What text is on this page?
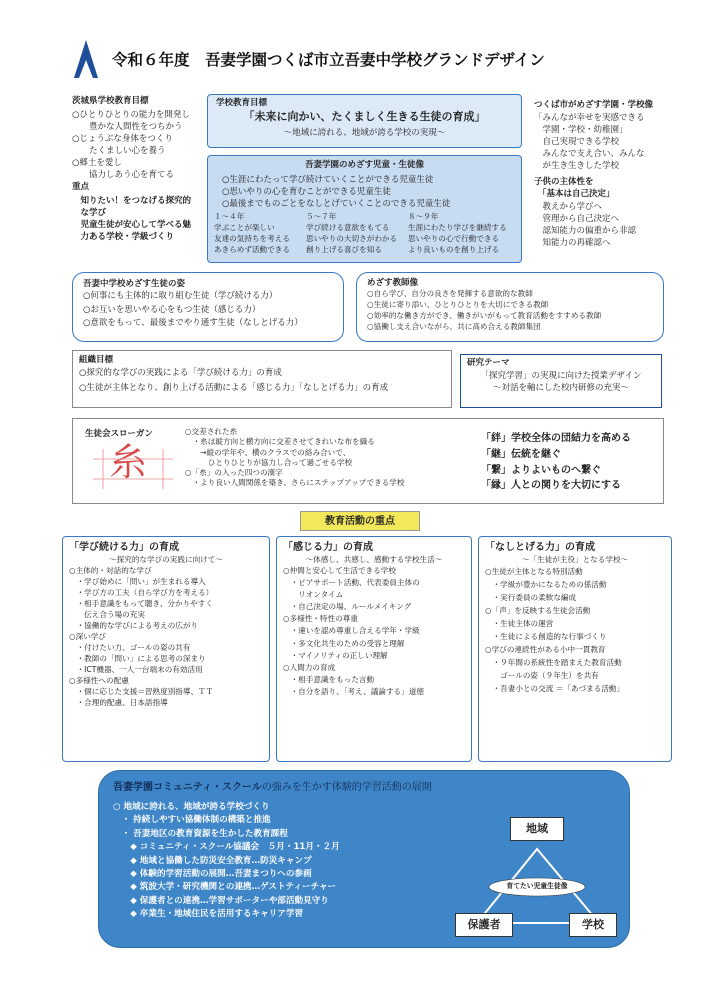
令和６年度　吾妻学園つくば市立吾妻中学校グランドデザイン
茨城県学校教育目標
○ひとりひとりの能力を開発し
　　豊かな人間性をつちかう
○じょうぶな身体をつくり
　　たくましい心を養う
○郷土を愛し
　　協力しあう心を育てる
重点
　知りたい！をつなげる探究的
　な学び
　児童生徒が安心して学べる魅
　力ある学校・学級づくり
学校教育目標
「未来に向かい、たくましく生きる生徒の育成」
〜地域に誇れる、地域が誇る学校の実現〜
吾妻学園のめざす児童・生徒像
○生涯にわたって学び続けていくことができる児童生徒
○思いやりの心を育むことができる児童生徒
○最後までものごとをなしとげていくことのできる児童生徒
１〜４年
学ぶことが楽しい
友達の気持ちを考える
あきらめず活動できる
５〜７年
学び続ける意欲をもてる
思いやりの大切さがわかる
創り上げる喜びを知る
８〜９年
生涯にわたり学びを継続する
思いやりの心で行動できる
より良いものを創り上げる
つくば市がめざす学園・学校像
「みんなが幸せを実感できる
　学園・学校・幼稚園」
　自己実現できる学校
　みんなで支え合い、みんな
　が生き生きした学校
子供の主体性を
「基本は自己決定」
　教えから学びへ
　管理から自己決定へ
　認知能力の偏重から非認
　知能力の再確認へ
吾妻中学校めざす生徒の姿
○何事にも主体的に取り組む生徒（学び続ける力）
○お互いを思いやる心をもつ生徒（感じる力）
○意欲をもって、最後までやり通す生徒（なしとげる力）
めざす教師像
○自ら学び、自分の良さを発揮する意欲的な教師
○生徒に寄り添い、ひとりひとりを大切にできる教師
○効率的な働き方ができ、働きがいがもって教育活動をすすめる教師
○協働し支え合いながら、共に高め合える教師集団
組織目標
○探究的な学びの実践による「学び続ける力」の育成
○生徒が主体となり、創り上げる活動による「感じる力」「なしとげる力」の育成
研究テーマ
「探究学習」の実現に向けた授業デザイン
〜対話を軸にした校内研修の充実〜
生徒会スローガン
糸
○交差された糸
　・糸は縦方向と横方向に交差させてきれいな布を織る
　　→縦の学年や、横のクラスでの絡み合いで、
　　　ひとりひとりが協力し合って過ごせる学校
○「糸」の入った四つの漢字
　・より良い人間関係を築き、さらにステップアップできる学校
「絆」学校全体の団結力を高める
「継」伝統を継ぐ
「繋」よりよいものへ繋ぐ
「縁」人との関りを大切にする
教育活動の重点
「学び続ける力」の育成
〜探究的な学びの実践に向けて〜
○主体的・対話的な学び
　・学び始めに「問い」が生まれる導入
　・学び方の工夫（自ら学び方を考える）
　・相手意識をもって聴き、分かりやすく
　　伝え合う場の充実
　・協働的な学びによる考えの広がり
○深い学び
　・付けたい力、ゴールの姿の共有
　・教師の「問い」による思考の深まり
　・ICT機器、一人一台端末の有効活用
○多様性への配慮
　・個に応じた支援＝習熟度別指導、ＴＴ
　・合理的配慮、日本語指導
「感じる力」の育成
〜体感し、共感し、感動する学校生活〜
○仲間と安心して生活できる学校
　・ピアサポート活動、代表委員主体の
　　リオンタイム
　・自己決定の場、ルールメイキング
○多様性・特性の尊重
　・違いを認め尊重し合える学年・学級
　・多文化共生のための受容と理解
　・マイノリティの正しい理解
○人間力の育成
　・相手意識をもった言動
　・自分を語り、「考え、議論する」道徳
「なしとげる力」の育成
〜「生徒が主役」となる学校〜
○生徒が主体となる特別活動
　・学級が豊かになるための係活動
　・実行委員の柔軟な編成
○「声」を反映する生徒会活動
　・生徒主体の運営
　・生徒による創造的な行事づくり
○学びの連続性がある小中一貫教育
　・９年間の系統性を踏まえた教育活動
　　ゴールの姿（９年生）を共有
　・吾妻小との交流 ＝「あづまる活動」
吾妻学園コミュニティ・スクールの強みを生かす体験的学習活動の展開
○ 地域に誇れる、地域が誇る学校づくり
　・ 持続しやすい協働体制の構築と推進
　・ 吾妻地区の教育資源を生かした教育課程
　　◆ コミュニティ・スクール協議会　５月・11月・２月
　　◆ 地域と協働した防災安全教育…防災キャンプ
　　◆ 体験的学習活動の展開…吾妻まつりへの参画
　　◆ 筑波大学・研究機関との連携…ゲストティーチャー
　　◆ 保護者との連携…学習サポーターや部活動見守り
　　◆ 卒業生・地域住民を活用するキャリア学習
地域
育てたい児童生徒像
保護者	学校
